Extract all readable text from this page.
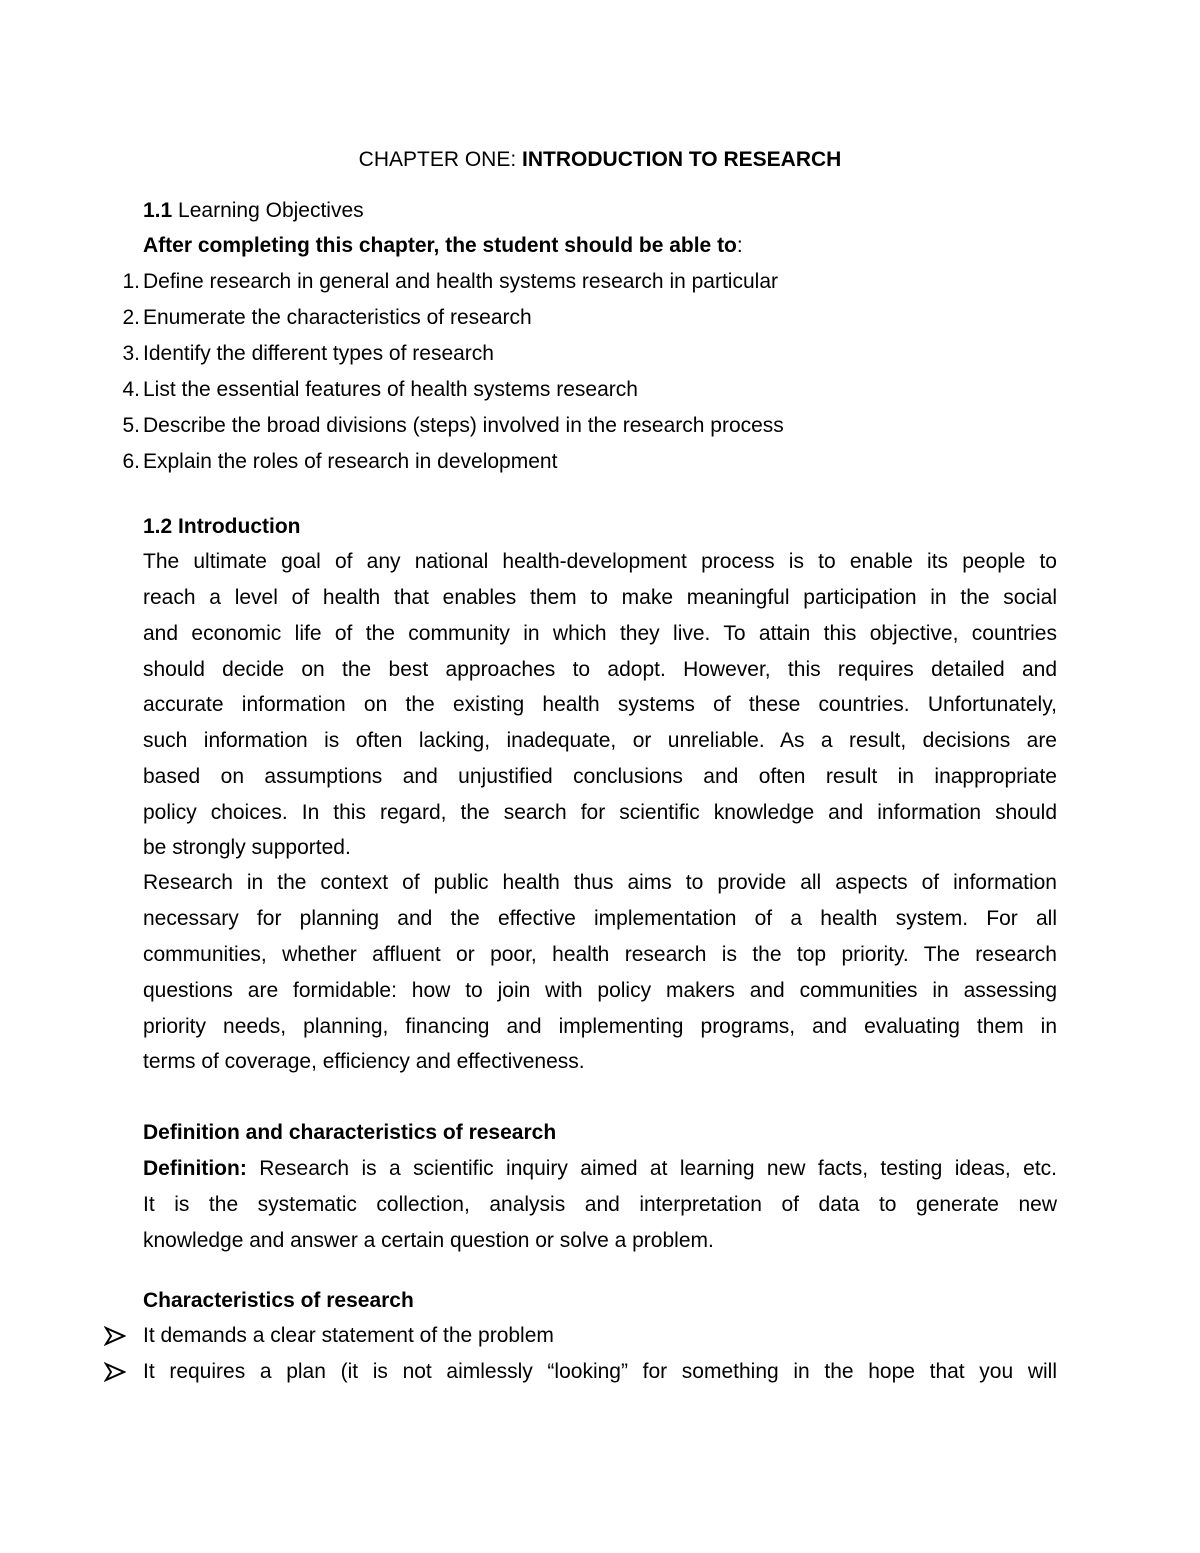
CHAPTER ONE: INTRODUCTION TO RESEARCH
1.1 Learning Objectives
After completing this chapter, the student should be able to:
1. Define research in general and health systems research in particular
2. Enumerate the characteristics of research
3. Identify the different types of research
4. List the essential features of health systems research
5. Describe the broad divisions (steps) involved in the research process
6. Explain the roles of research in development
1.2 Introduction
The ultimate goal of any national health-development process is to enable its people to
reach a level of health that enables them to make meaningful participation in the social
and economic life of the community in which they live. To attain this objective, countries
should decide on the best approaches to adopt. However, this requires detailed and
accurate information on the existing health systems of these countries. Unfortunately,
such information is often lacking, inadequate, or unreliable. As a result, decisions are
based on assumptions and unjustified conclusions and often result in inappropriate
policy choices. In this regard, the search for scientific knowledge and information should
be strongly supported.
Research in the context of public health thus aims to provide all aspects of information
necessary for planning and the effective implementation of a health system. For all
communities, whether affluent or poor, health research is the top priority. The research
questions are formidable: how to join with policy makers and communities in assessing
priority needs, planning, financing and implementing programs, and evaluating them in
terms of coverage, efficiency and effectiveness.
Definition and characteristics of research
Definition: Research is a scientific inquiry aimed at learning new facts, testing ideas, etc.
It is the systematic collection, analysis and interpretation of data to generate new
knowledge and answer a certain question or solve a problem.
Characteristics of research
It demands a clear statement of the problem
It requires a plan (it is not aimlessly “looking” for something in the hope that you will
